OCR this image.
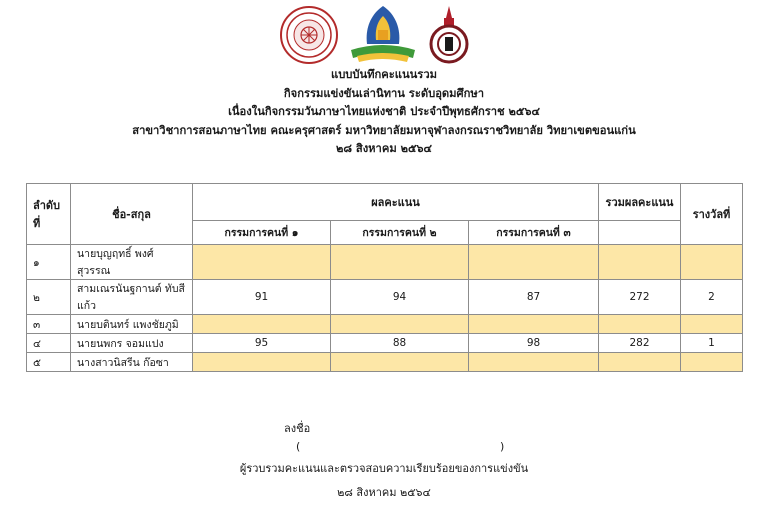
แบบบันทึกคะแนนรวม
กิจกรรมแข่งขันเล่านิทาน ระดับอุดมศึกษา
เนื่องในกิจกรรมวันภาษาไทยแห่งชาติ ประจำปีพุทธศักราช ๒๕๖๔
สาขาวิชาการสอนภาษาไทย คณะครุศาสตร์ มหาวิทยาลัยมหาจุฬาลงกรณราชวิทยาลัย วิทยาเขตขอนแก่น
๒๘ สิงหาคม ๒๕๖๔
ลำดับที่	ชื่อ-สกุล	ผลคะแนน			รวมผลคะแนน	รางวัลที่
		กรรมการคนที่ ๑	กรรมการคนที่ ๒	กรรมการคนที่ ๓		
๑	นายบุญฤทธิ์ พงศ์สุวรรณ					
๒	สามเณรนันฐกานต์ ทับสีแก้ว	91	94	87	272	2
๓	นายบตินทร์ แพงชัยภูมิ					
๔	นายนพกร จอมแปง	95	88	98	282	1
๕	นางสาวนิสรีน ก๊อซา					
ลงชื่อ
(	)
ผู้รวบรวมคะแนนและตรวจสอบความเรียบร้อยของการแข่งขัน
๒๘ สิงหาคม ๒๕๖๔
